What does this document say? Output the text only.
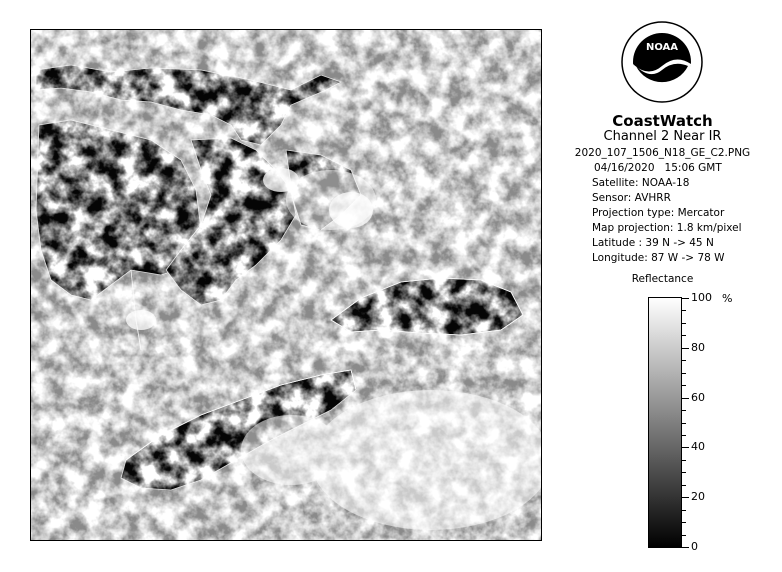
NOAA
CoastWatch
Channel 2 Near IR
2020_107_1506_N18_GE_C2.PNG
04/16/2020 15:06 GMT
Satellite: NOAA-18
Sensor: AVHRR
Projection type: Mercator
Map projection: 1.8 km/pixel
Latitude : 39 N -> 45 N
Longitude: 87 W -> 78 W
Reflectance
%
100
80
60
40
20
0
